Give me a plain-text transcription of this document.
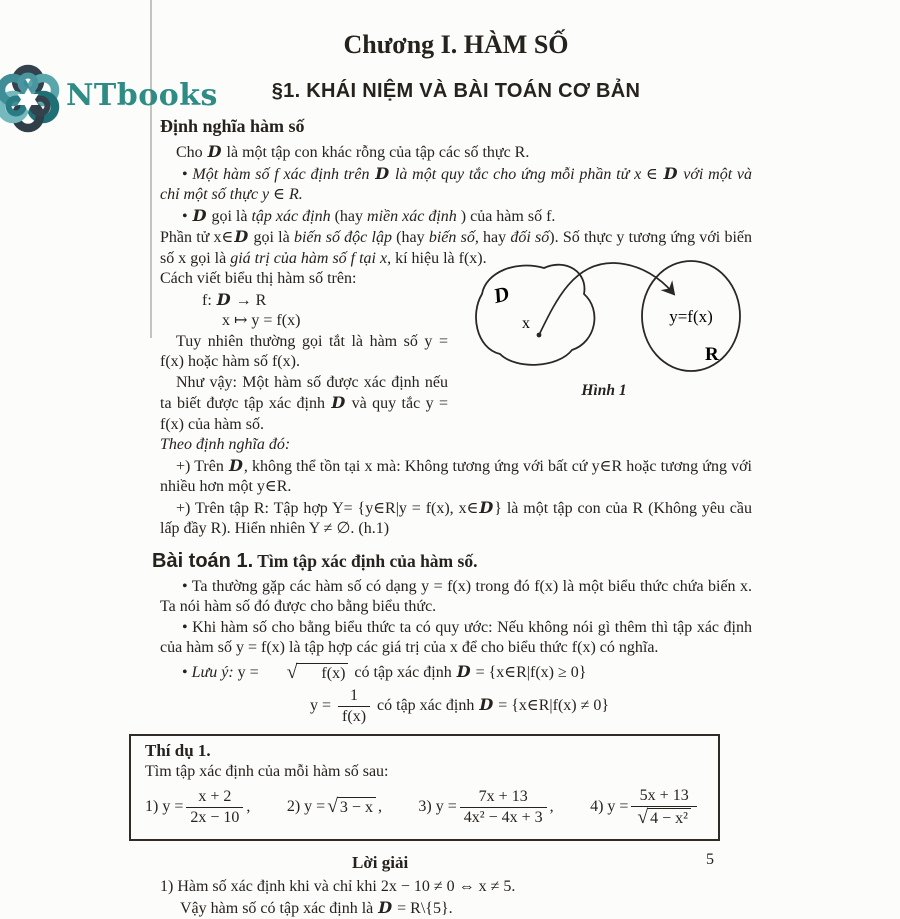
NTbooks
Chương I. HÀM SỐ
§1. KHÁI NIỆM VÀ BÀI TOÁN CƠ BẢN
Định nghĩa hàm số

Cho D là một tập con khác rỗng của tập các số thực R.

• Một hàm số f xác định trên D là một quy tắc cho ứng mỗi phần tử x ∈ D với một và chỉ một số thực y ∈ R.

• D gọi là tập xác định (hay miền xác định ) của hàm số f.

Phần tử x∈D gọi là biến số độc lập (hay biến số, hay đối số). Số thực y tương ứng với biến số x gọi là giá trị của hàm số f tại x, kí hiệu là f(x).

Cách viết biểu thị hàm số trên:

D
x	y=f(x)
R
Hình 1

f: D → R

x ↦ y = f(x)

Tuy nhiên thường gọi tắt là hàm số y = f(x) hoặc hàm số f(x).

Như vậy: Một hàm số được xác định nếu ta biết được tập xác định D và quy tắc y = f(x) của hàm số.

Theo định nghĩa đó:

+) Trên D, không thể tồn tại x mà: Không tương ứng với bất cứ y∈R hoặc tương ứng với nhiều hơn một y∈R.

+) Trên tập R: Tập hợp Y= {y∈R|y = f(x), x∈D} là một tập con của R (Không yêu cầu lấp đầy R). Hiển nhiên Y ≠ ∅. (h.1)

Bài toán 1. Tìm tập xác định của hàm số.

• Ta thường gặp các hàm số có dạng y = f(x) trong đó f(x) là một biểu thức chứa biến x. Ta nói hàm số đó được cho bằng biểu thức.

• Khi hàm số cho bằng biểu thức ta có quy ước: Nếu không nói gì thêm thì tập xác định của hàm số y = f(x) là tập hợp các giá trị của x để cho biểu thức f(x) có nghĩa.

• Lưu ý: y =	√ f(x) có tập xác định D = {x∈R|f(x) ≥ 0}

$y = \frac{1}{f(x)}$ có tập xác định D = {x∈R|f(x) ≠ 0}

Thí dụ 1.

Tìm tập xác định của mỗi hàm số sau:

1) $y = \frac{x + 2}{2x - 10}$ , 2) y = √ 3 − x , 3) $y = \frac{7x + 13}{\text{4x² − 4x + 3}}$ , 4) y = 5x + 13
√ 4 − x²
Lời giải

1) Hàm số xác định khi và chỉ khi 2x − 10 ≠ 0 ⇔ x ≠ 5.

Vậy hàm số có tập xác định là D = R\{5}.

5
